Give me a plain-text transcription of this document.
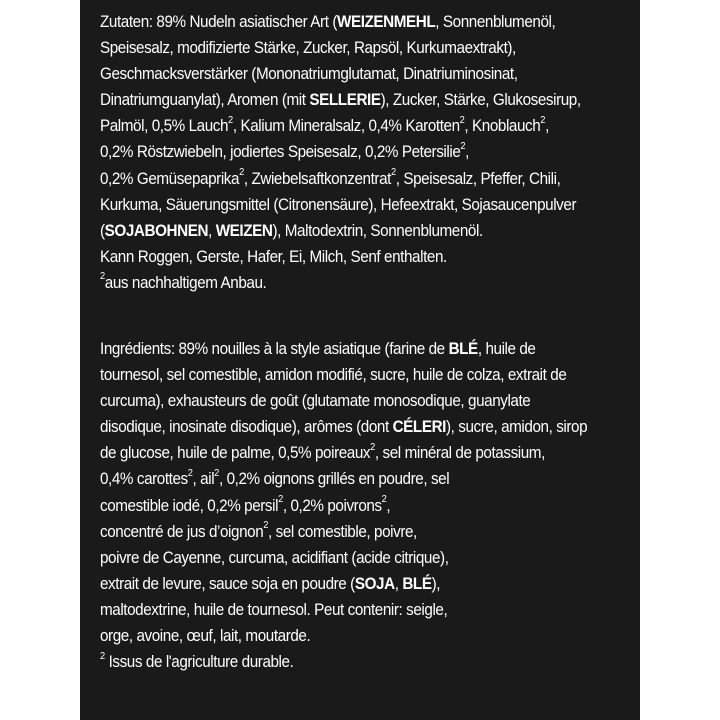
Zutaten: 89% Nudeln asiatischer Art (WEIZENMEHL, Sonnenblumenöl,
Speisesalz, modifizierte Stärke, Zucker, Rapsöl, Kurkumaextrakt),
Geschmacksverstärker (Mononatriumglutamat, Dinatriuminosinat,
Dinatriumguanylat), Aromen (mit SELLERIE), Zucker, Stärke, Glukosesirup,
Palmöl, 0,5% Lauch$^2$, Kalium Mineralsalz, 0,4% Karotten$^2$, Knoblauch$^2$,
0,2% Röstzwiebeln, jodiertes Speisesalz, 0,2% Petersilie$^2$,
0,2% Gemüsepaprika$^2$, Zwiebelsaftkonzentrat$^2$, Speisesalz, Pfeffer, Chili,
Kurkuma, Säuerungsmittel (Citronensäure), Hefeextrakt, Sojasaucenpulver
(SOJABOHNEN, WEIZEN), Maltodextrin, Sonnenblumenöl.
Kann Roggen, Gerste, Hafer, Ei, Milch, Senf enthalten.
$^2$aus nachhaltigem Anbau.
Ingrédients: 89% nouilles à la style asiatique (farine de BLÉ, huile de
tournesol, sel comestible, amidon modifié, sucre, huile de colza, extrait de
curcuma), exhausteurs de goût (glutamate monosodique, guanylate
disodique, inosinate disodique), arômes (dont CÉLERI), sucre, amidon, sirop
de glucose, huile de palme, 0,5% poireaux$^2$, sel minéral de potassium,
0,4% carottes$^2$, ail$^2$, 0,2% oignons grillés en poudre, sel
comestible iodé, 0,2% persil$^2$, 0,2% poivrons$^2$,
concentré de jus d’oignon$^2$, sel comestible, poivre,
poivre de Cayenne, curcuma, acidifiant (acide citrique),
extrait de levure, sauce soja en poudre (SOJA, BLÉ),
maltodextrine, huile de tournesol. Peut contenir: seigle,
orge, avoine, œuf, lait, moutarde.
$^2$ Issus de l'agriculture durable.
